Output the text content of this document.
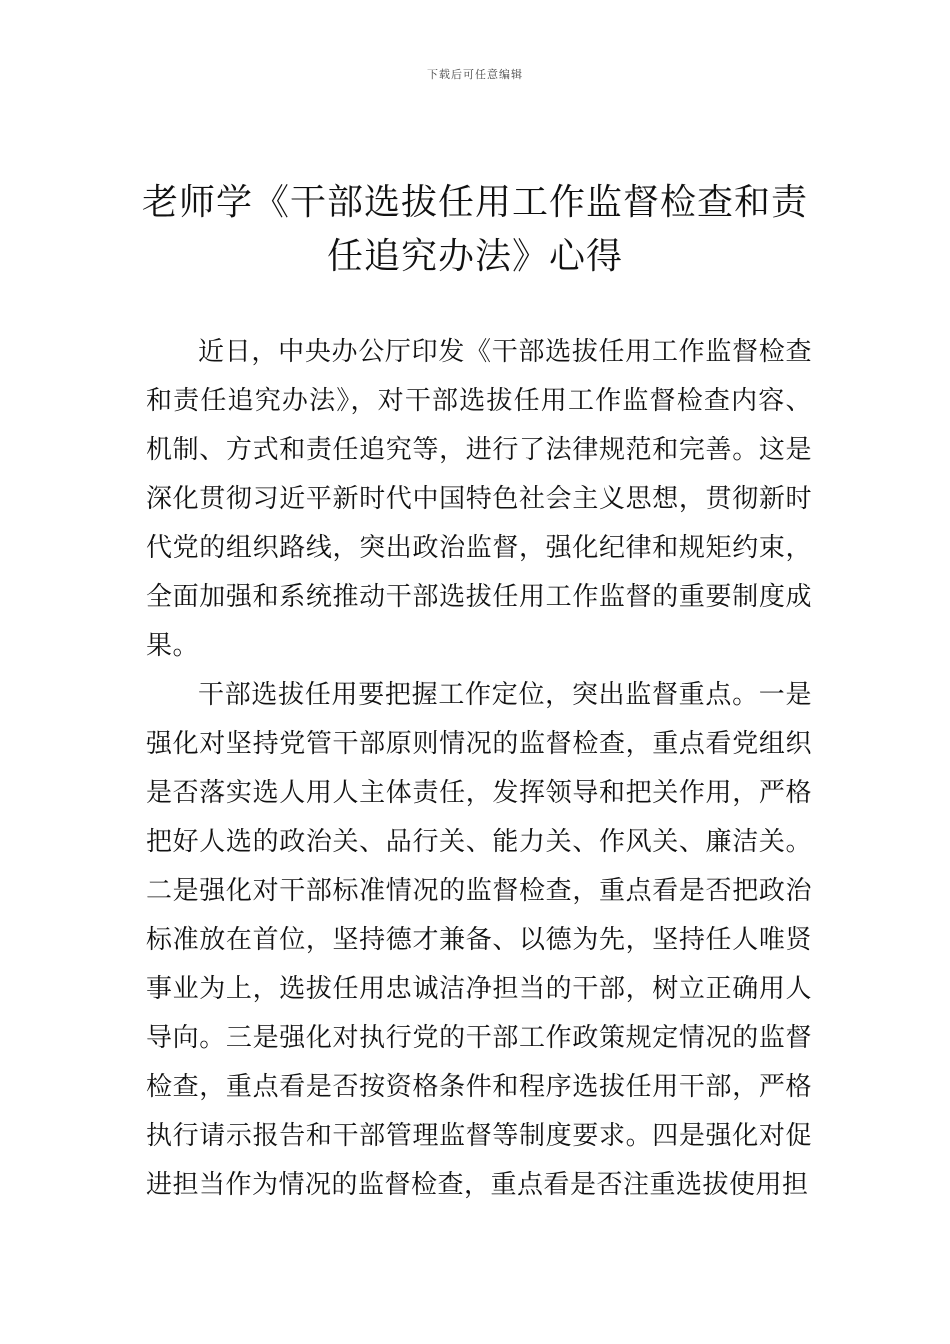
下载后可任意编辑
老师学《干部选拔任用工作监督检查和责任追究办法》心得

近日，中央办公厅印发《干部选拔任用工作监督检查和责任追究办法》，对干部选拔任用工作监督检查内容、机制、方式和责任追究等，进行了法律规范和完善。这是深化贯彻习近平新时代中国特色社会主义思想，贯彻新时代党的组织路线，突出政治监督，强化纪律和规矩约束，全面加强和系统推动干部选拔任用工作监督的重要制度成果。

干部选拔任用要把握工作定位，突出监督重点。一是强化对坚持党管干部原则情况的监督检查，重点看党组织是否落实选人用人主体责任，发挥领导和把关作用，严格把好人选的政治关、品行关、能力关、作风关、廉洁关。二是强化对干部标准情况的监督检查，重点看是否把政治标准放在首位，坚持德才兼备、以德为先，坚持任人唯贤事业为上，选拔任用忠诚洁净担当的干部，树立正确用人导向。三是强化对执行党的干部工作政策规定情况的监督检查，重点看是否按资格条件和程序选拔任用干部，严格执行请示报告和干部管理监督等制度要求。四是强化对促进担当作为情况的监督检查，重点看是否注重选拔使用担
